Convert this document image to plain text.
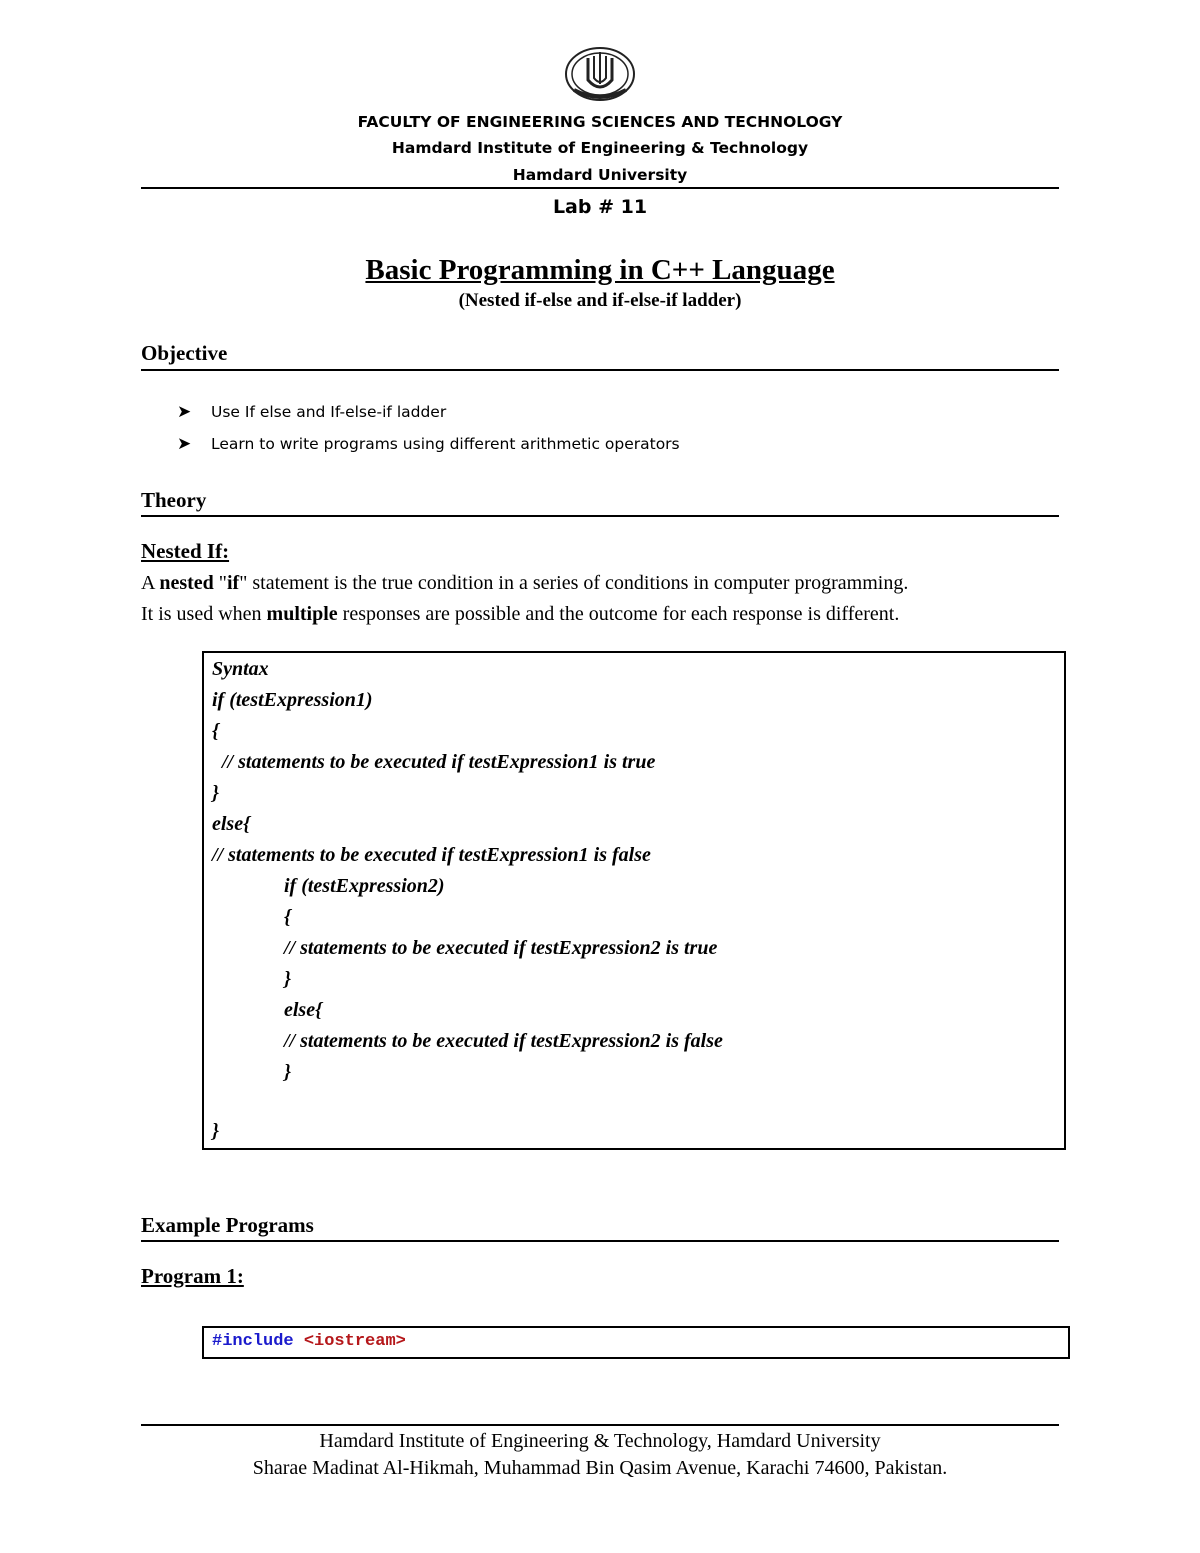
FACULTY OF ENGINEERING SCIENCES AND TECHNOLOGY
Hamdard Institute of Engineering & Technology
Hamdard University
Lab # 11
Basic Programming in C++ Language
(Nested if-else and if-else-if ladder)
Objective
➤ Use If else and If-else-if ladder
➤ Learn to write programs using different arithmetic operators
Theory
Nested If:
A nested "if" statement is the true condition in a series of conditions in computer programming.
It is used when multiple responses are possible and the outcome for each response is different.
Syntax
if (testExpression1)
{
// statements to be executed if testExpression1 is true
}
else{
// statements to be executed if testExpression1 is false
if (testExpression2)
{
// statements to be executed if testExpression2 is true
}
else{
// statements to be executed if testExpression2 is false
}
}
Example Programs
Program 1:
#include <iostream>
Hamdard Institute of Engineering & Technology, Hamdard University
Sharae Madinat Al-Hikmah, Muhammad Bin Qasim Avenue, Karachi 74600, Pakistan.
